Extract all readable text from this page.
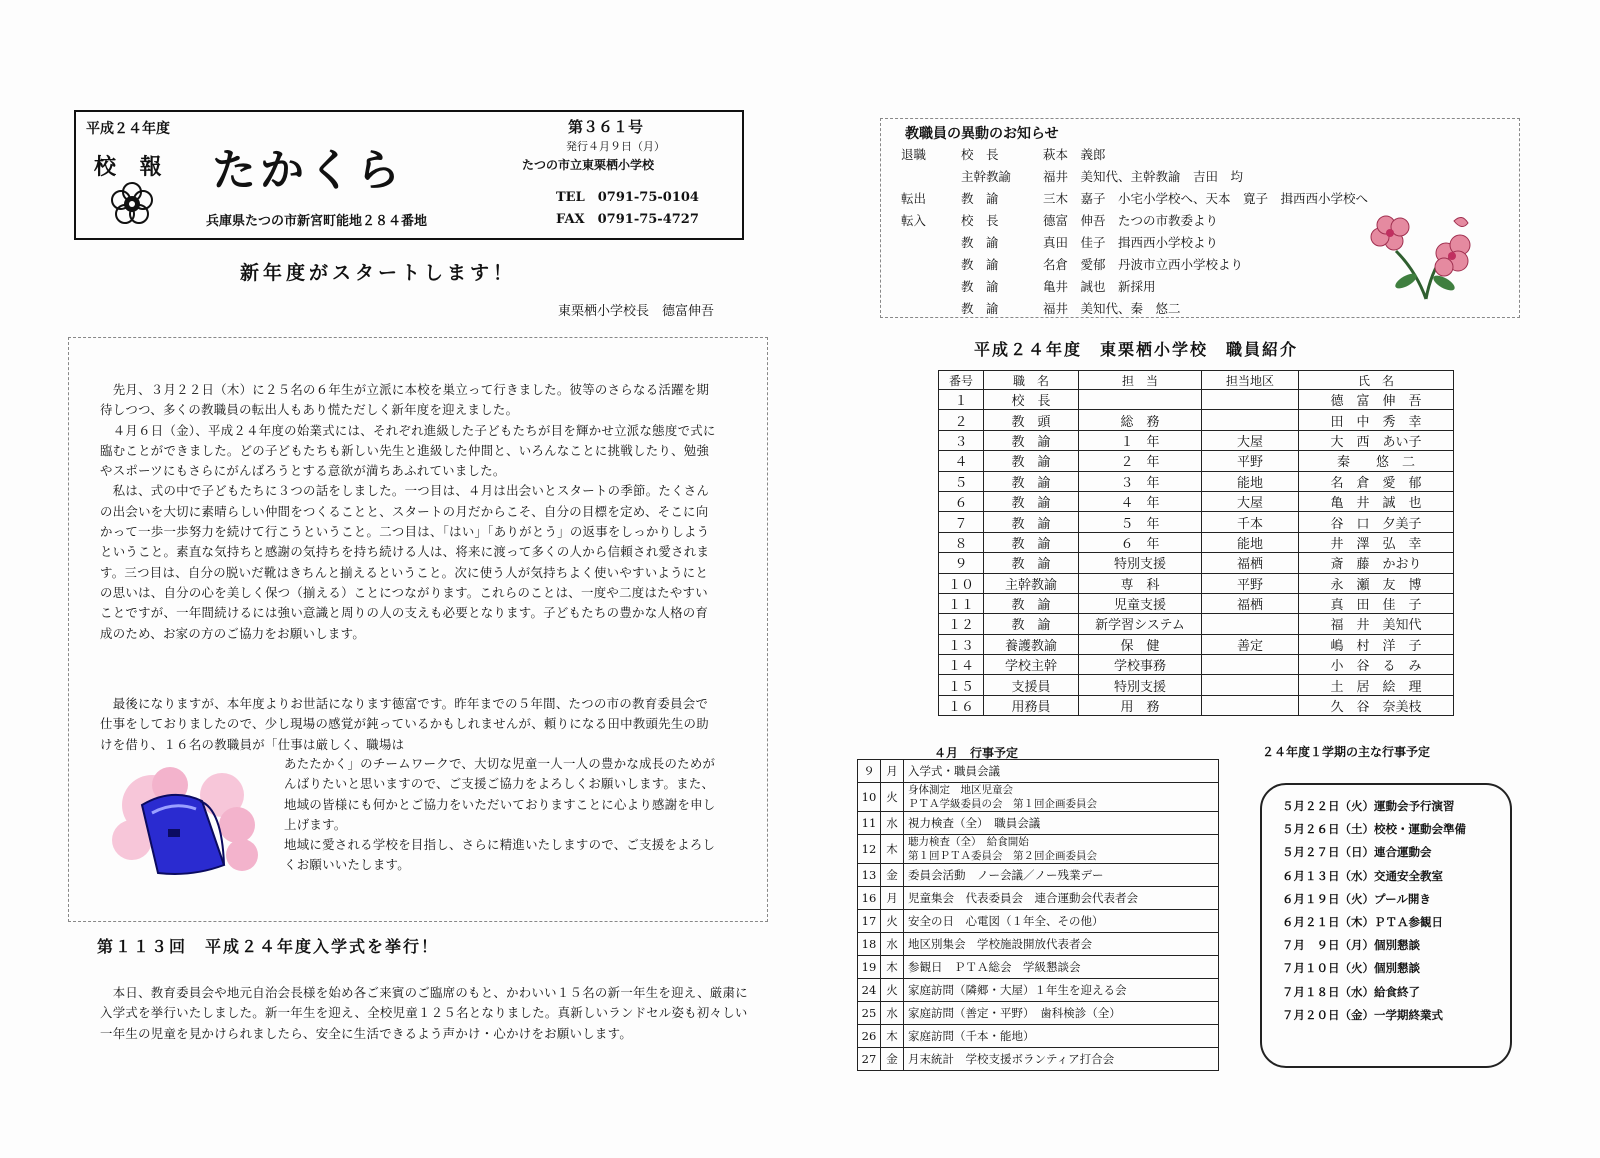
平成２４年度
校 報 たかくら
兵庫県たつの市新宮町能地２８４番地
第３６１号
発行４月９日（月）
たつの市立東栗栖小学校
TEL　0791-75-0104
FAX　0791-75-4727
新年度がスタートします！
東栗栖小学校長　德富伸吾

　先月、３月２２日（木）に２５名の６年生が立派に本校を巣立って行きました。彼等のさらなる活躍を期待しつつ、多くの教職員の転出人もあり慌ただしく新年度を迎えました。

　４月６日（金）、平成２４年度の始業式には、それぞれ進級した子どもたちが目を輝かせ立派な態度で式に臨むことができました。どの子どもたちも新しい先生と進級した仲間と、いろんなことに挑戦したり、勉強やスポーツにもさらにがんばろうとする意欲が満ちあふれていました。

　私は、式の中で子どもたちに３つの話をしました。一つ目は、４月は出会いとスタートの季節。たくさんの出会いを大切に素晴らしい仲間をつくることと、スタートの月だからこそ、自分の目標を定め、そこに向かって一歩一歩努力を続けて行こうということ。二つ目は、「はい」「ありがとう」の返事をしっかりしようということ。素直な気持ちと感謝の気持ちを持ち続ける人は、将来に渡って多くの人から信頼され愛されます。三つ目は、自分の脱いだ靴はきちんと揃えるということ。次に使う人が気持ちよく使いやすいようにとの思いは、自分の心を美しく保つ（揃える）ことにつながります。これらのことは、一度や二度はたやすいことですが、一年間続けるには強い意識と周りの人の支えも必要となります。子どもたちの豊かな人格の育成のため、お家の方のご協力をお願いします。

　最後になりますが、本年度よりお世話になります德富です。昨年までの５年間、たつの市の教育委員会で仕事をしておりましたので、少し現場の感覚が鈍っているかもしれませんが、頼りになる田中教頭先生の助けを借り、１６名の教職員が「仕事は厳しく、職場は
あたたかく」のチームワークで、大切な児童一人一人の豊かな成長のためがんばりたいと思いますので、ご支援ご協力をよろしくお願いします。また、地域の皆様にも何かとご協力をいただいておりますことに心より感謝を申し上げます。
地域に愛される学校を目指し、さらに精進いたしますので、ご支援をよろしくお願いいたします。
第１１３回　平成２４年度入学式を挙行！
　本日、教育委員会や地元自治会長様を始め各ご来賓のご臨席のもと、かわいい１５名の新一年生を迎え、厳粛に入学式を挙行いたしました。新一年生を迎え、全校児童１２５名となりました。真新しいランドセル姿も初々しい一年生の児童を見かけられましたら、安全に生活できるよう声かけ・心かけをお願いします。
教職員の異動のお知らせ
退職	校　長	萩本　義郎
主幹教諭	福井　美知代、主幹教諭　吉田　均
転出	教　諭	三木　嘉子　小宅小学校へ、天本　寛子　揖西西小学校へ
転入	校　長	德富　伸吾　たつの市教委より
教　諭	真田　佳子　揖西西小学校より
教　諭	名倉　愛郁　丹波市立西小学校より
教　諭	亀井　誠也　新採用
教　諭	福井　美知代、秦　悠二
平成２４年度　東栗栖小学校　職員紹介
番号	職　名	担　当	担当地区	氏　名
１	校　長			德　富　伸　吾
２	教　頭	総　務		田　中　秀　幸
３	教　諭	１　年	大屋	大　西　あい子
４	教　諭	２　年	平野	秦　　悠　二
５	教　諭	３　年	能地	名　倉　愛　郁
６	教　諭	４　年	大屋	亀　井　誠　也
７	教　諭	５　年	千本	谷　口　夕美子
８	教　諭	６　年	能地	井　澤　弘　幸
９	教　諭	特別支援	福栖	斎　藤　かおり
１０	主幹教諭	専　科	平野	永　瀬　友　博
１１	教　諭	児童支援	福栖	真　田　佳　子
１２	教　諭	新学習システム		福　井　美知代
１３	養護教諭	保　健	善定	嶋　村　洋　子
１４	学校主幹	学校事務		小　谷　る　み
１５	支援員	特別支援		土　居　絵　理
１６	用務員	用　務		久　谷　奈美枝
４月　行事予定
９	月	入学式・職員会議
10	火	身体測定　地区児童会
ＰＴＡ学級委員の会　第１回企画委員会
11	水	視力検査（全）　職員会議
12	木	聴力検査（全）　給食開始
第１回ＰＴＡ委員会　第２回企画委員会
13	金	委員会活動　ノー会議／ノー残業デー
16	月	児童集会　代表委員会　連合運動会代表者会
17	火	安全の日　心電図（１年全、その他）
18	水	地区別集会　学校施設開放代表者会
19	木	参観日　ＰＴＡ総会　学級懇談会
24	火	家庭訪問（隣郷・大屋）１年生を迎える会
25	水	家庭訪問（善定・平野）　歯科検診（全）
26	木	家庭訪問（千本・能地）
27	金	月末統計　学校支援ボランティア打合会
２４年度１学期の主な行事予定
５月２２日（火）運動会予行演習
５月２６日（土）校校・運動会準備
５月２７日（日）連合運動会
６月１３日（水）交通安全教室
６月１９日（火）プール開き
６月２１日（木）ＰＴＡ参観日
７月　９日（月）個別懇談
７月１０日（火）個別懇談
７月１８日（水）給食終了
７月２０日（金）一学期終業式
